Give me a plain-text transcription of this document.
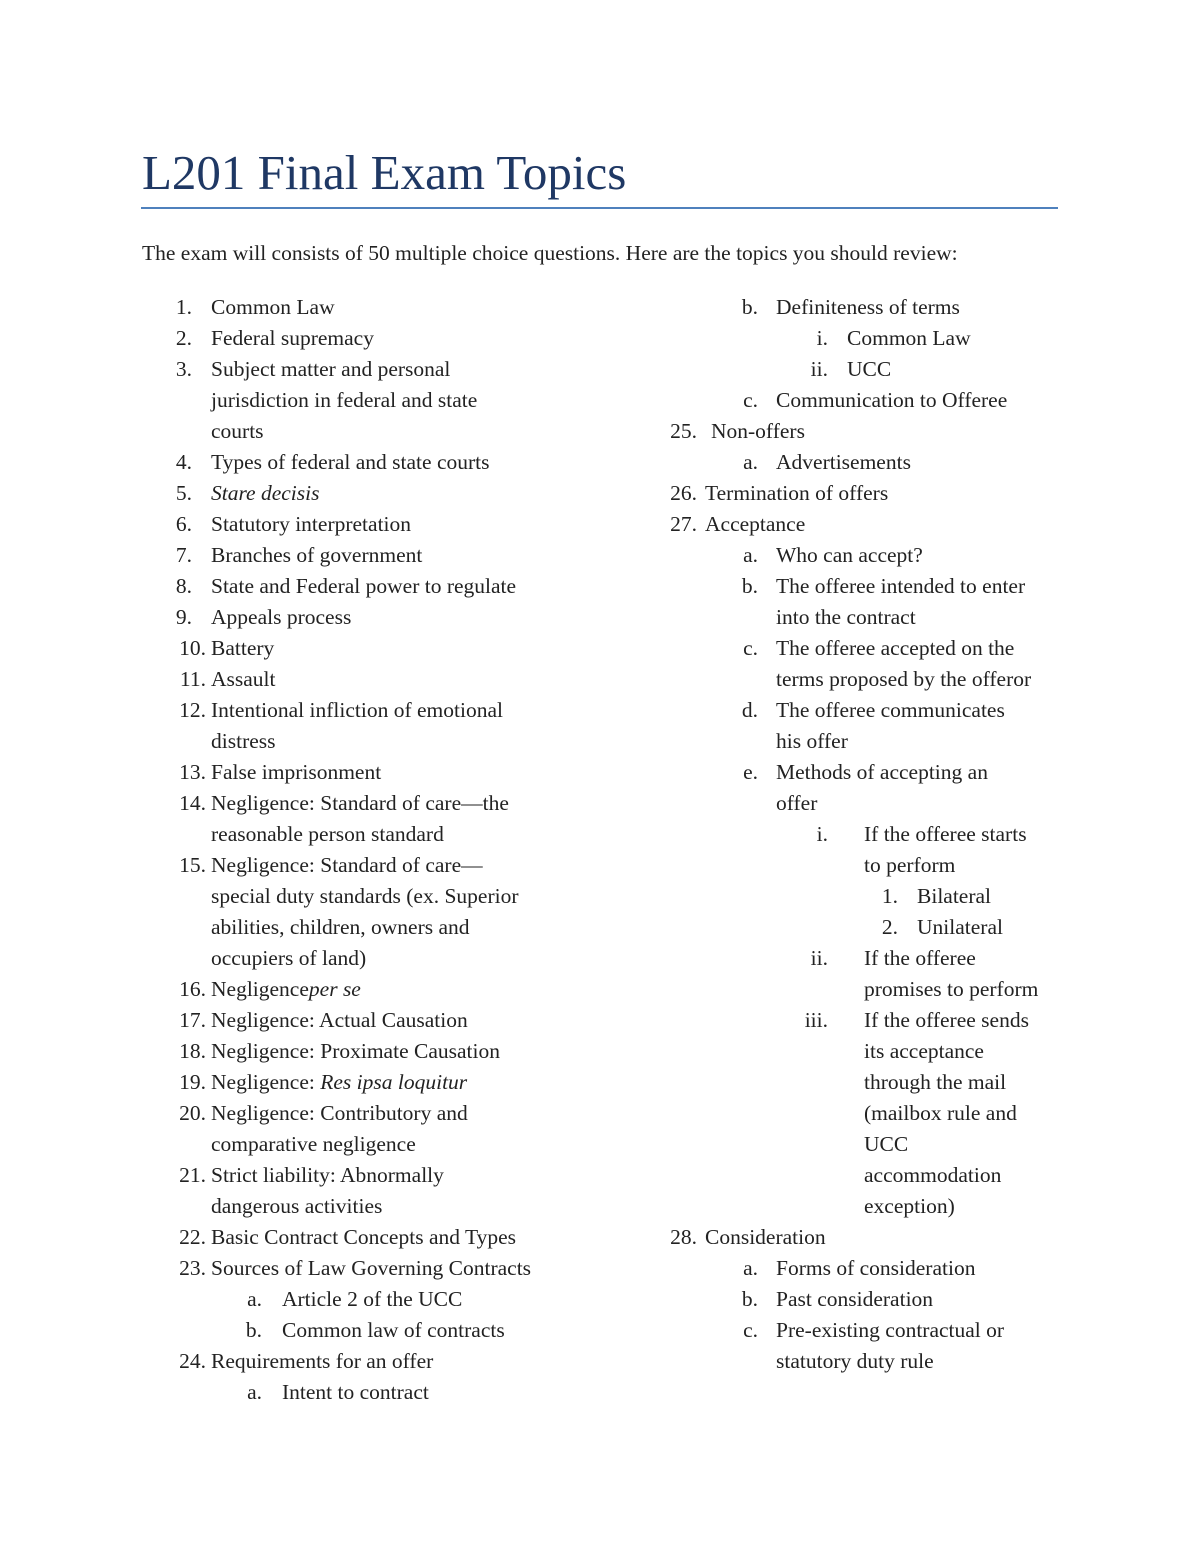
L201 Final Exam Topics

The exam will consists of 50 multiple choice questions. Here are the topics you should review:

1. Common Law
2. Federal supremacy
3. Subject matter and personal
jurisdiction in federal and state
courts
4. Types of federal and state courts
5. Stare decisis
6. Statutory interpretation
7. Branches of government
8. State and Federal power to regulate
9. Appeals process
10. Battery
11. Assault
12. Intentional infliction of emotional
distress
13. False imprisonment
14. Negligence: Standard of care—the
reasonable person standard
15. Negligence: Standard of care—
special duty standards (ex. Superior
abilities, children, owners and
occupiers of land)
16. Negligenceper se
17. Negligence: Actual Causation
18. Negligence: Proximate Causation
19. Negligence: Res ipsa loquitur
20. Negligence: Contributory and
comparative negligence
21. Strict liability: Abnormally
dangerous activities
22. Basic Contract Concepts and Types
23. Sources of Law Governing Contracts
a. Article 2 of the UCC
b. Common law of contracts
24. Requirements for an offer
a. Intent to contract
b. Definiteness of terms
i. Common Law
ii. UCC
c. Communication to Offeree
25. Non-offers
a. Advertisements
26. Termination of offers
27. Acceptance
a. Who can accept?
b. The offeree intended to enter
into the contract
c. The offeree accepted on the
terms proposed by the offeror
d. The offeree communicates
his offer
e. Methods of accepting an
offer
i. If the offeree starts
to perform
1. Bilateral
2. Unilateral
ii. If the offeree
promises to perform
iii. If the offeree sends
its acceptance
through the mail
(mailbox rule and
UCC
accommodation
exception)
28. Consideration
a. Forms of consideration
b. Past consideration
c. Pre-existing contractual or
statutory duty rule
